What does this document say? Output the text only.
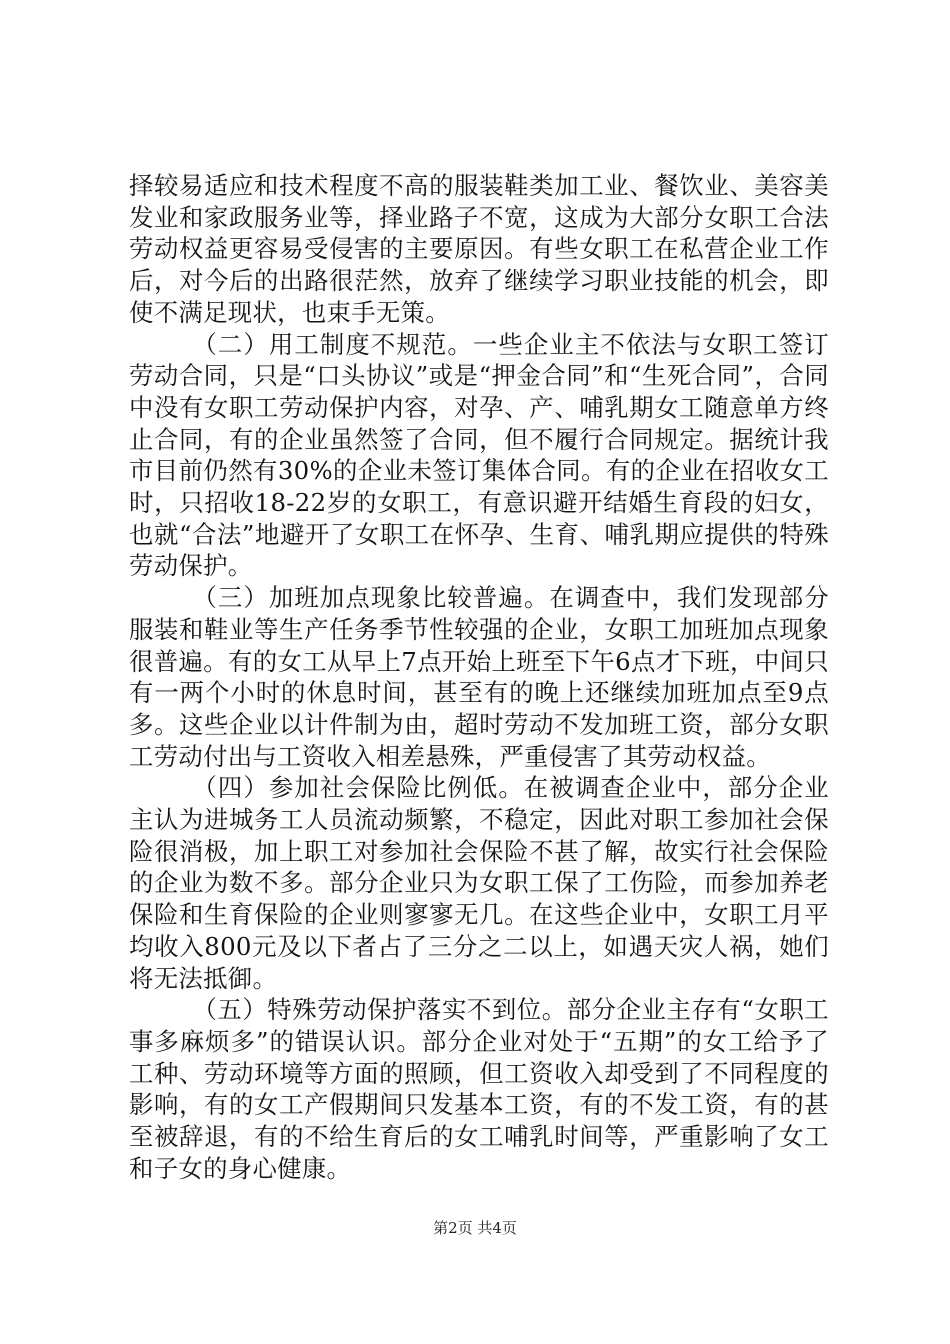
择较易适应和技术程度不高的服装鞋类加工业、餐饮业、美容美发业和家政服务业等，择业路子不宽，这成为大部分女职工合法劳动权益更容易受侵害的主要原因。有些女职工在私营企业工作后，对今后的出路很茫然，放弃了继续学习职业技能的机会，即使不满足现状，也束手无策。

（二）用工制度不规范。一些企业主不依法与女职工签订劳动合同，只是“口头协议”或是“押金合同”和“生死合同”，合同中没有女职工劳动保护内容，对孕、产、哺乳期女工随意单方终止合同，有的企业虽然签了合同，但不履行合同规定。据统计我市目前仍然有30%的企业未签订集体合同。有的企业在招收女工时，只招收18-22岁的女职工，有意识避开结婚生育段的妇女，也就“合法”地避开了女职工在怀孕、生育、哺乳期应提供的特殊劳动保护。

（三）加班加点现象比较普遍。在调查中，我们发现部分服装和鞋业等生产任务季节性较强的企业，女职工加班加点现象很普遍。有的女工从早上7点开始上班至下午6点才下班，中间只有一两个小时的休息时间，甚至有的晚上还继续加班加点至9点多。这些企业以计件制为由，超时劳动不发加班工资，部分女职工劳动付出与工资收入相差悬殊，严重侵害了其劳动权益。

（四）参加社会保险比例低。在被调查企业中，部分企业主认为进城务工人员流动频繁，不稳定，因此对职工参加社会保险很消极，加上职工对参加社会保险不甚了解，故实行社会保险的企业为数不多。部分企业只为女职工保了工伤险，而参加养老保险和生育保险的企业则寥寥无几。在这些企业中，女职工月平均收入800元及以下者占了三分之二以上，如遇天灾人祸，她们将无法抵御。

（五）特殊劳动保护落实不到位。部分企业主存有“女职工事多麻烦多”的错误认识。部分企业对处于“五期”的女工给予了工种、劳动环境等方面的照顾，但工资收入却受到了不同程度的影响，有的女工产假期间只发基本工资，有的不发工资，有的甚至被辞退，有的不给生育后的女工哺乳时间等，严重影响了女工和子女的身心健康。

第2页 共4页
